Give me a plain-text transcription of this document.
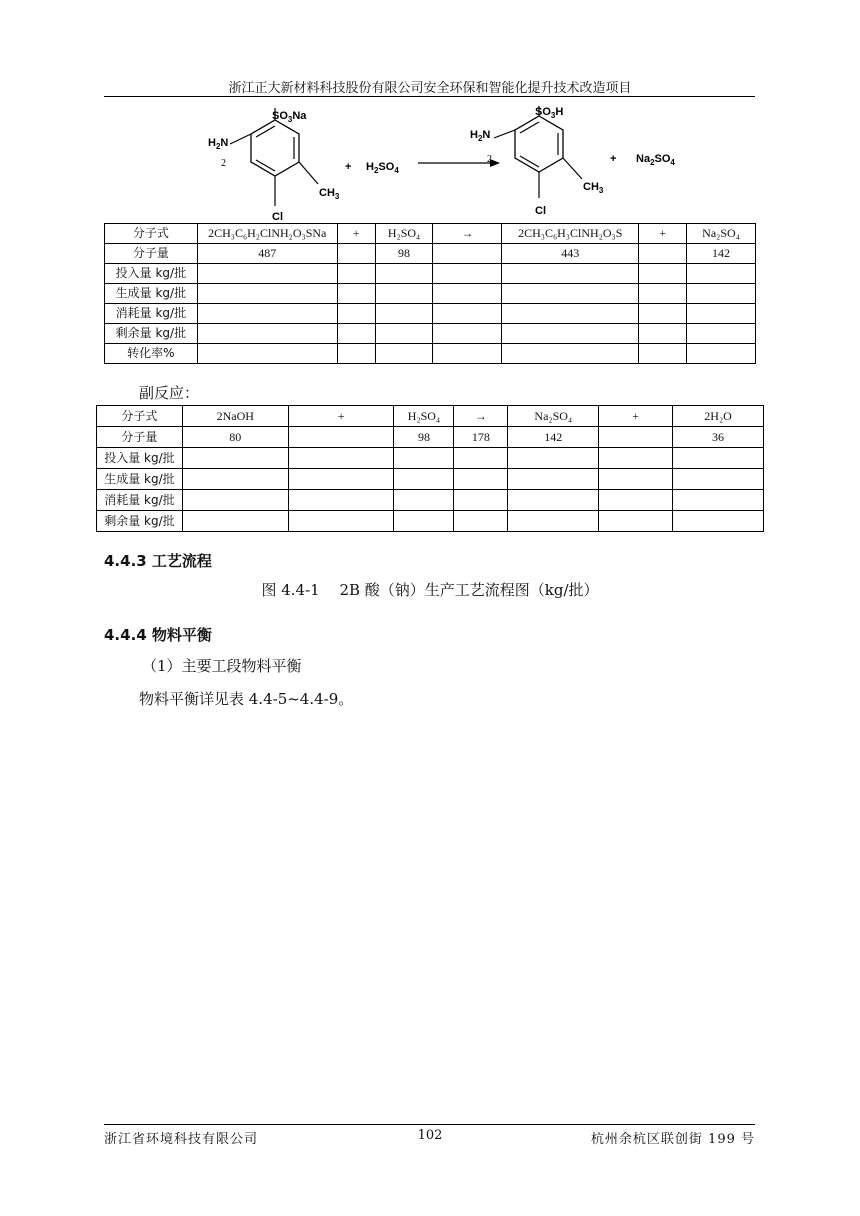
浙江正大新材料科技股份有限公司安全环保和智能化提升技术改造项目
$SO_3Na$
$H_2N$
2
$CH_3$
Cl
+ $H_2SO_4$
$SO_3H$
$H_2N$
2
$CH_3$
Cl
+ $Na_2SO_4$
分子式	2CH₃C₆H₂ClNH₂O₃SNa	+	H₂SO₄	→	2CH₃C₆H₃ClNH₂O₃S	+	Na₂SO₄
分子量	487		98		443		142
投入量 kg/批							
生成量 kg/批							
消耗量 kg/批							
剩余量 kg/批							
转化率%							
副反应：
分子式	2NaOH	+	H₂SO₄	→	Na₂SO₄	+	2H₂O
分子量	80		98	178	142		36
投入量 kg/批							
生成量 kg/批							
消耗量 kg/批							
剩余量 kg/批							
4.4.3 工艺流程
图 4.4-1　 2B 酸（钠）生产工艺流程图（kg/批）
4.4.4 物料平衡
（1）主要工段物料平衡
物料平衡详见表 4.4-5~4.4-9。
浙江省环境科技有限公司	102	杭州余杭区联创街 199 号
